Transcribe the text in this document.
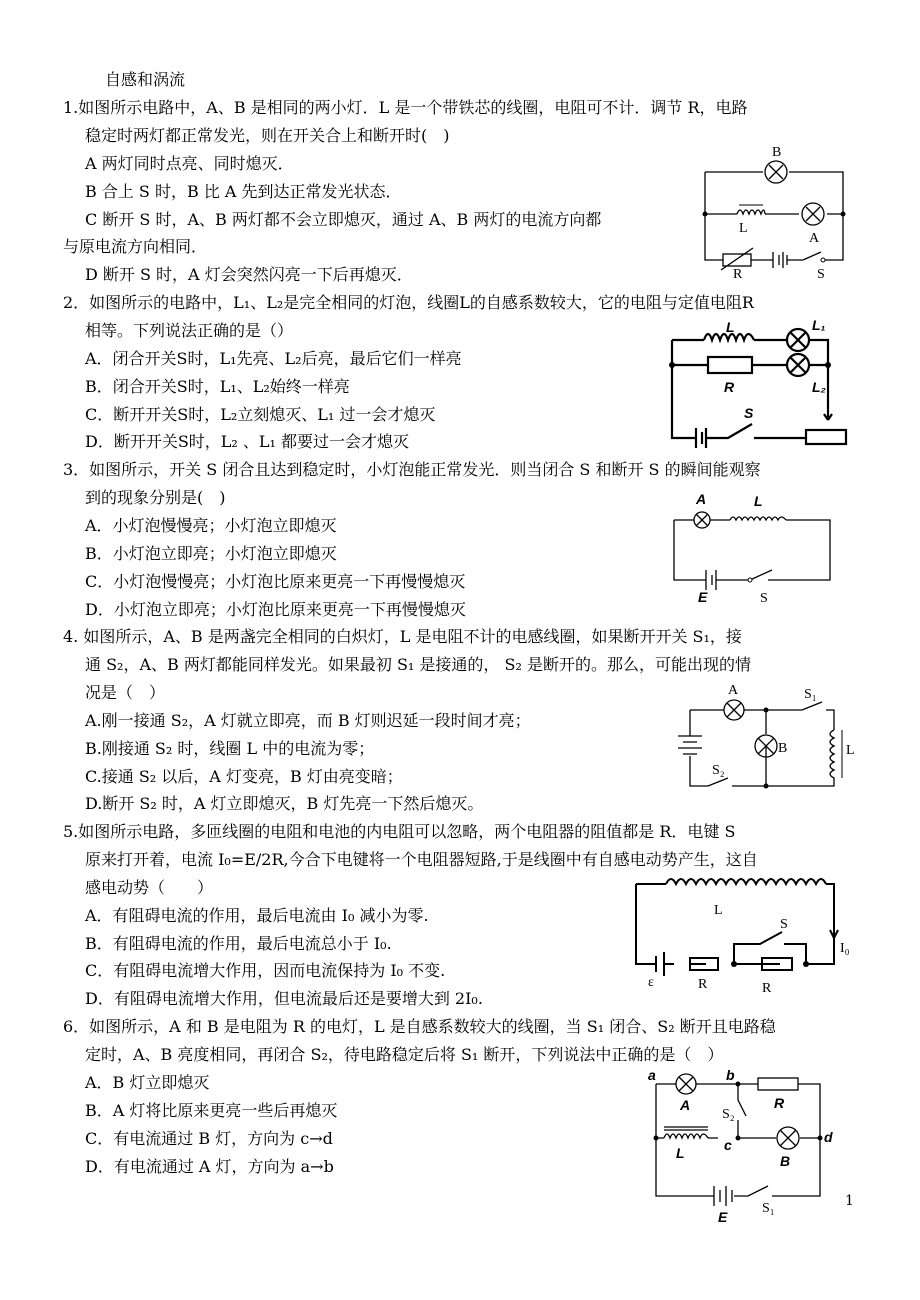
自感和涡流
1.如图所示电路中，A、B 是相同的两小灯．L 是一个带铁芯的线圈，电阻可不计．调节 R，电路
稳定时两灯都正常发光，则在开关合上和断开时(　)
A 两灯同时点亮、同时熄灭．
B 合上 S 时，B 比 A 先到达正常发光状态．
C 断开 S 时，A、B 两灯都不会立即熄灭，通过 A、B 两灯的电流方向都
与原电流方向相同．
D 断开 S 时，A 灯会突然闪亮一下后再熄灭．
2．如图所示的电路中，L₁、L₂是完全相同的灯泡，线圈L的自感系数较大，它的电阻与定值电阻R
相等。下列说法正确的是（）
A．闭合开关S时，L₁先亮、L₂后亮，最后它们一样亮
B．闭合开关S时，L₁、L₂始终一样亮
C．断开开关S时，L₂立刻熄灭、L₁ 过一会才熄灭
D．断开开关S时，L₂ 、L₁ 都要过一会才熄灭
3．如图所示，开关 S 闭合且达到稳定时，小灯泡能正常发光．则当闭合 S 和断开 S 的瞬间能观察
到的现象分别是(　)
A．小灯泡慢慢亮；小灯泡立即熄灭
B．小灯泡立即亮；小灯泡立即熄灭
C．小灯泡慢慢亮；小灯泡比原来更亮一下再慢慢熄灭
D．小灯泡立即亮；小灯泡比原来更亮一下再慢慢熄灭
4. 如图所示，A、B 是两盏完全相同的白炽灯，L 是电阻不计的电感线圈，如果断开开关 S₁，接
通 S₂，A、B 两灯都能同样发光。如果最初 S₁ 是接通的， S₂ 是断开的。那么，可能出现的情
况是（　）
A.刚一接通 S₂，A 灯就立即亮，而 B 灯则迟延一段时间才亮；
B.刚接通 S₂ 时，线圈 L 中的电流为零；
C.接通 S₂ 以后，A 灯变亮，B 灯由亮变暗；
D.断开 S₂ 时，A 灯立即熄灭，B 灯先亮一下然后熄灭。
5.如图所示电路，多匝线圈的电阻和电池的内电阻可以忽略，两个电阻器的阻值都是 R．电键 S
原来打开着，电流 I₀=E/2R,今合下电键将一个电阻器短路,于是线圈中有自感电动势产生，这自
感电动势（　　）
A．有阻碍电流的作用，最后电流由 I₀ 减小为零.
B．有阻碍电流的作用，最后电流总小于 I₀.
C．有阻碍电流增大作用，因而电流保持为 I₀ 不变.
D．有阻碍电流增大作用，但电流最后还是要增大到 2I₀.
6．如图所示，A 和 B 是电阻为 R 的电灯，L 是自感系数较大的线圈，当 S₁ 闭合、S₂ 断开且电路稳
定时，A、B 亮度相同，再闭合 S₂，待电路稳定后将 S₁ 断开，下列说法中正确的是（　）
A．B 灯立即熄灭
B．A 灯将比原来更亮一些后再熄灭
C．有电流通过 B 灯，方向为 c→d
D．有电流通过 A 灯，方向为 a→b
1
B
L
A
R	S
L	L₁
R	L₂
S
A	L
E	S
A
B	L
S₁
S₂
L
S
I₀
ε	R	R
a
A
b
R
S₂
L	c
B
d
E
S₁
